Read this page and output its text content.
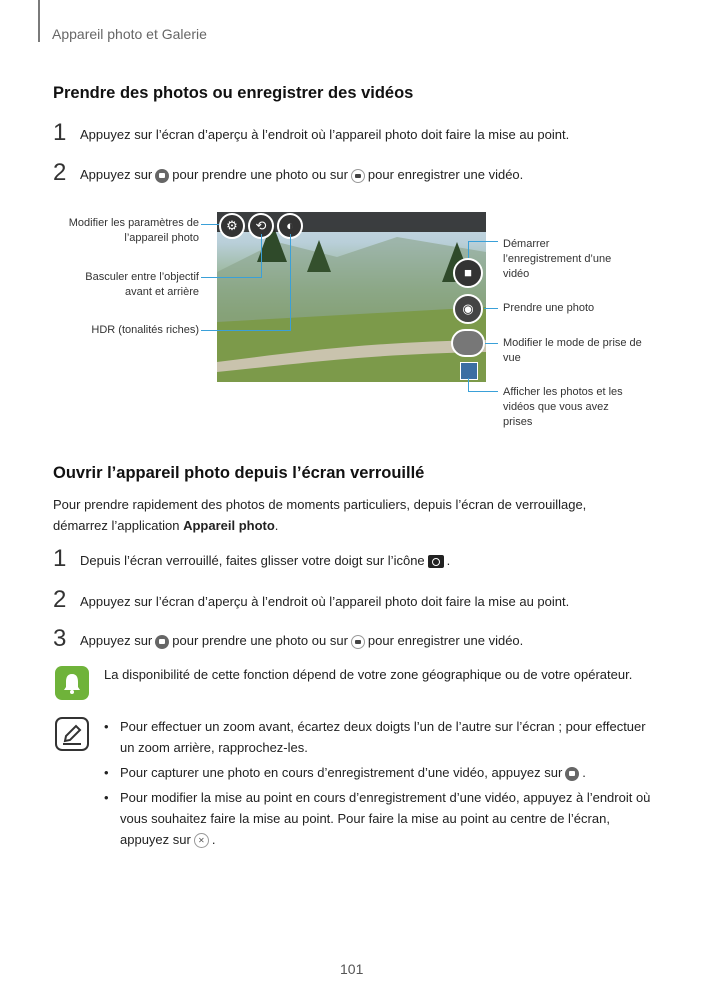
Appareil photo et Galerie
Prendre des photos ou enregistrer des vidéos
1 Appuyez sur l’écran d’aperçu à l’endroit où l’appareil photo doit faire la mise au point.
2 Appuyez sur pour prendre une photo ou sur pour enregistrer une vidéo.
⚙	⟲	◐
■
◉
Modifier les paramètres de l’appareil photo
Basculer entre l’objectif avant et arrière
HDR (tonalités riches)
Démarrer l’enregistrement d’une vidéo
Prendre une photo
Modifier le mode de prise de vue
Afficher les photos et les vidéos que vous avez prises
Ouvrir l’appareil photo depuis l’écran verrouillé
Pour prendre rapidement des photos de moments particuliers, depuis l’écran de verrouillage,
démarrez l’application Appareil photo.
1 Depuis l’écran verrouillé, faites glisser votre doigt sur l’icône .
2 Appuyez sur l’écran d’aperçu à l’endroit où l’appareil photo doit faire la mise au point.
3 Appuyez sur pour prendre une photo ou sur pour enregistrer une vidéo.
La disponibilité de cette fonction dépend de votre zone géographique ou de votre opérateur.
• Pour effectuer un zoom avant, écartez deux doigts l’un de l’autre sur l’écran ; pour effectuer un zoom arrière, rapprochez-les.
• Pour capturer une photo en cours d’enregistrement d’une vidéo, appuyez sur .
• Pour modifier la mise au point en cours d’enregistrement d’une vidéo, appuyez à l’endroit où vous souhaitez faire la mise au point. Pour faire la mise au point au centre de l’écran, appuyez sur✕ .
101
